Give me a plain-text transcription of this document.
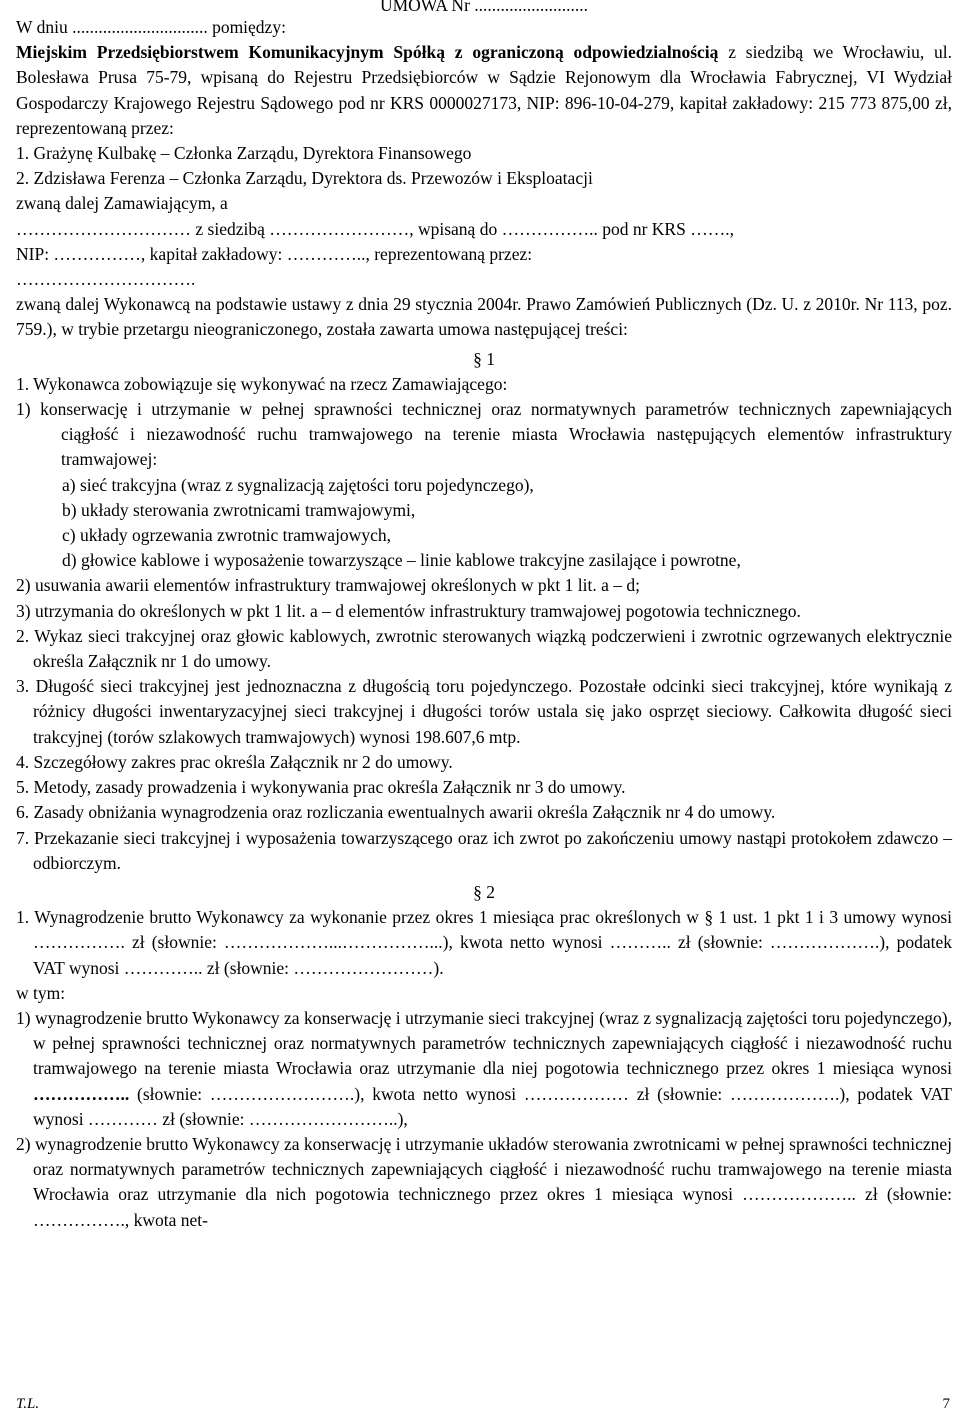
UMOWA Nr ..........................

W dniu ............................... pomiędzy:

Miejskim Przedsiębiorstwem Komunikacyjnym Spółką z ograniczoną odpowiedzialnością z siedzibą we Wrocławiu, ul. Bolesława Prusa 75-79, wpisaną do Rejestru Przedsiębiorców w Sądzie Rejonowym dla Wrocławia Fabrycznej, VI Wydział Gospodarczy Krajowego Rejestru Sądowego pod nr KRS 0000027173, NIP: 896-10-04-279, kapitał zakładowy: 215 773 875,00 zł, reprezentowaną przez:

1. Grażynę Kulbakę – Członka Zarządu, Dyrektora Finansowego

2. Zdzisława Ferenza – Członka Zarządu, Dyrektora ds. Przewozów i Eksploatacji

zwaną dalej Zamawiającym, a

………………………… z siedzibą ……………………, wpisaną do …………….. pod nr KRS …….,

NIP: ……………, kapitał zakładowy: ………….., reprezentowaną przez:

………………………….

zwaną dalej Wykonawcą na podstawie ustawy z dnia 29 stycznia 2004r. Prawo Zamówień Publicznych (Dz. U. z 2010r. Nr 113, poz. 759.), w trybie przetargu nieograniczonego, została zawarta umowa następującej treści:

§ 1

1. Wykonawca zobowiązuje się wykonywać na rzecz Zamawiającego:

1) konserwację i utrzymanie w pełnej sprawności technicznej oraz normatywnych parametrów technicznych zapewniających ciągłość i niezawodność ruchu tramwajowego na terenie miasta Wrocławia następujących elementów infrastruktury tramwajowej:

a) sieć trakcyjna (wraz z sygnalizacją zajętości toru pojedynczego),

b) układy sterowania zwrotnicami tramwajowymi,

c) układy ogrzewania zwrotnic tramwajowych,

d) głowice kablowe i wyposażenie towarzyszące – linie kablowe trakcyjne zasilające i powrotne,

2) usuwania awarii elementów infrastruktury tramwajowej określonych w pkt 1 lit. a – d;

3) utrzymania do określonych w pkt 1 lit. a – d elementów infrastruktury tramwajowej pogotowia technicznego.

2. Wykaz sieci trakcyjnej oraz głowic kablowych, zwrotnic sterowanych wiązką podczerwieni i zwrotnic ogrzewanych elektrycznie określa Załącznik nr 1 do umowy.

3. Długość sieci trakcyjnej jest jednoznaczna z długością toru pojedynczego. Pozostałe odcinki sieci trakcyjnej, które wynikają z różnicy długości inwentaryzacyjnej sieci trakcyjnej i długości torów ustala się jako osprzęt sieciowy. Całkowita długość sieci trakcyjnej (torów szlakowych tramwajowych) wynosi 198.607,6 mtp.

4. Szczegółowy zakres prac określa Załącznik nr 2 do umowy.

5. Metody, zasady prowadzenia i wykonywania prac określa Załącznik nr 3 do umowy.

6. Zasady obniżania wynagrodzenia oraz rozliczania ewentualnych awarii określa Załącznik nr 4 do umowy.

7. Przekazanie sieci trakcyjnej i wyposażenia towarzyszącego oraz ich zwrot po zakończeniu umowy nastąpi protokołem zdawczo – odbiorczym.

§ 2

1. Wynagrodzenie brutto Wykonawcy za wykonanie przez okres 1 miesiąca prac określonych w § 1 ust. 1 pkt 1 i 3 umowy wynosi ……………. zł (słownie: ………………...……………...), kwota netto wynosi ……….. zł (słownie: ……………….), podatek VAT wynosi ………….. zł (słownie: ……………………).

w tym:

1) wynagrodzenie brutto Wykonawcy za konserwację i utrzymanie sieci trakcyjnej (wraz z sygnalizacją zajętości toru pojedynczego), w pełnej sprawności technicznej oraz normatywnych parametrów technicznych zapewniających ciągłość i niezawodność ruchu tramwajowego na terenie miasta Wrocławia oraz utrzymanie dla niej pogotowia technicznego przez okres 1 miesiąca wynosi …………….. (słownie: …………………….), kwota netto wynosi ……………… zł (słownie: ……………….), podatek VAT wynosi ………… zł (słownie: ……………………..),

2) wynagrodzenie brutto Wykonawcy za konserwację i utrzymanie układów sterowania zwrotnicami w pełnej sprawności technicznej oraz normatywnych parametrów technicznych zapewniających ciągłość i niezawodność ruchu tramwajowego na terenie miasta Wrocławia oraz utrzymanie dla nich pogotowia technicznego przez okres 1 miesiąca wynosi ……………….. zł (słownie: ……………., kwota net-

T.L.	7
